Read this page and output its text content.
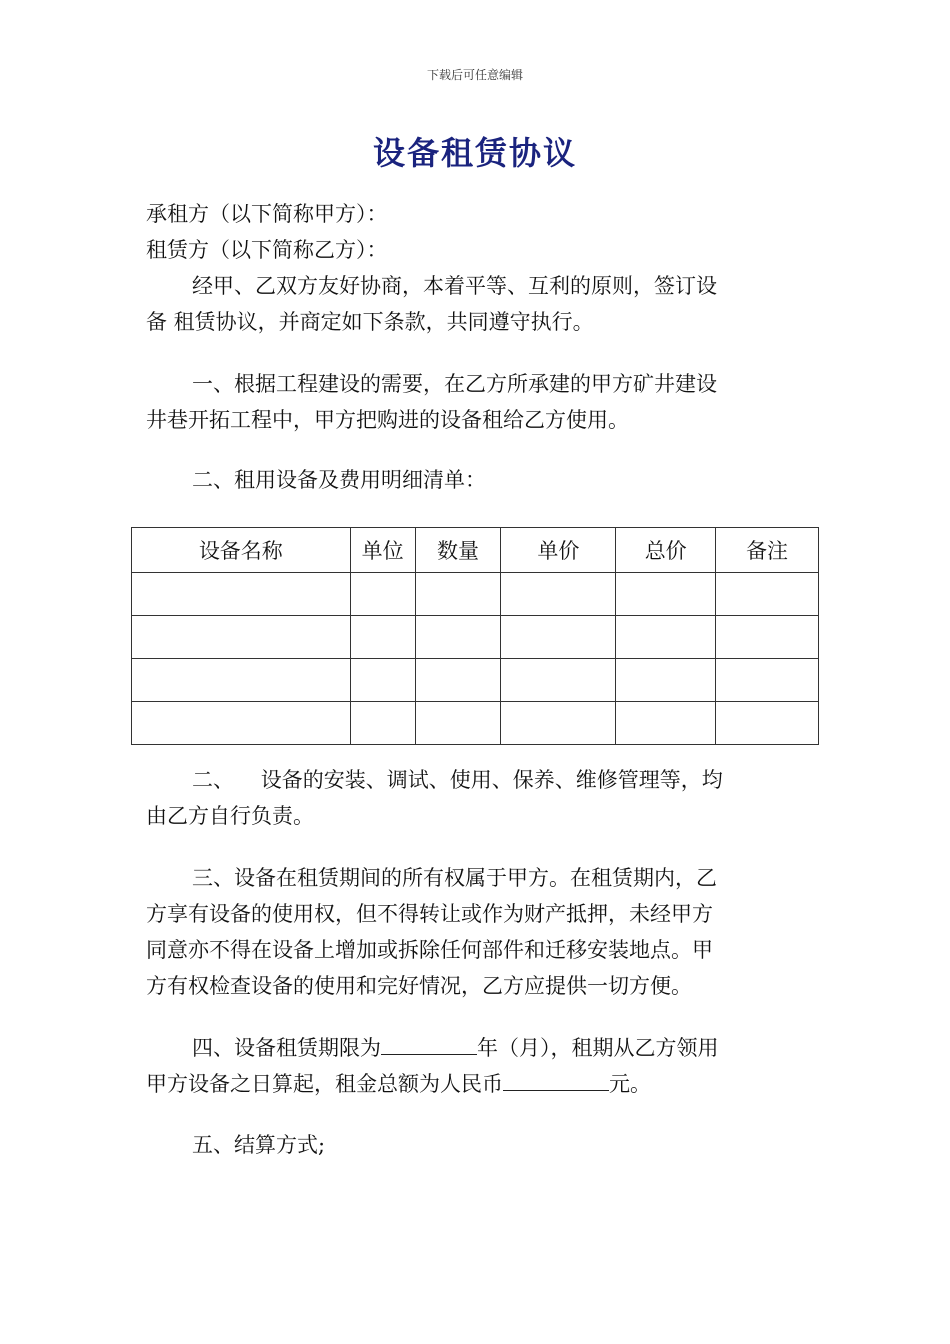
下载后可任意编辑
设备租赁协议
承租方（以下简称甲方）：
租赁方（以下简称乙方）：
经甲、乙双方友好协商，本着平等、互利的原则，签订设
备 租赁协议，并商定如下条款，共同遵守执行。
一、根据工程建设的需要，在乙方所承建的甲方矿井建设
井巷开拓工程中，甲方把购进的设备租给乙方使用。
二、租用设备及费用明细清单：
设备名称	单位	数量	单价	总价	备注

二、    设备的安装、调试、使用、保养、维修管理等，均
由乙方自行负责。
三、设备在租赁期间的所有权属于甲方。在租赁期内，乙
方享有设备的使用权，但不得转让或作为财产抵押，未经甲方
同意亦不得在设备上增加或拆除任何部件和迁移安装地点。甲
方有权检查设备的使用和完好情况，乙方应提供一切方便。
四、设备租赁期限为	年（月），租期从乙方领用
甲方设备之日算起，租金总额为人民币	元。
五、结算方式;
